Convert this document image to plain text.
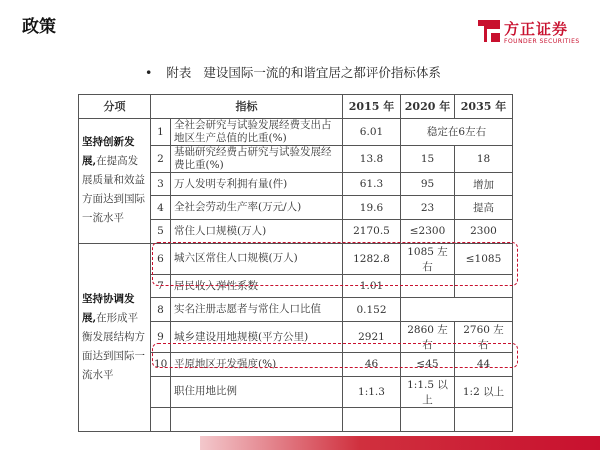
政策	方正证券
FOUNDER SECURITIES
• 附表 建设国际一流的和谐宜居之都评价指标体系
分项	指标		2015 年	2020 年	2035 年
坚持创新发展,在提高发展质量和效益方面达到国际一流水平	1	全社会研究与试验发展经费支出占地区生产总值的比重(%)	6.01	稳定在6左右	
	2	基础研究经费占研究与试验发展经费比重(%)	13.8	15	18
	3	万人发明专利拥有量(件)	61.3	95	增加
	4	全社会劳动生产率(万元/人)	19.6	23	提高
	5	常住人口规模(万人)	2170.5	≤2300	2300
坚持协调发展,在形成平衡发展结构方面达到国际一流水平	6	城六区常住人口规模(万人)	1282.8	1085 左右	≤1085
	7	居民收入弹性系数	1.01		
	8	实名注册志愿者与常住人口比值	0.152		
	9	城乡建设用地规模(平方公里)	2921	2860 左右	2760 左右
	10	平原地区开发强度(%)	46	≤45	44
		职住用地比例	1:1.3	1:1.5 以上	1:2 以上
